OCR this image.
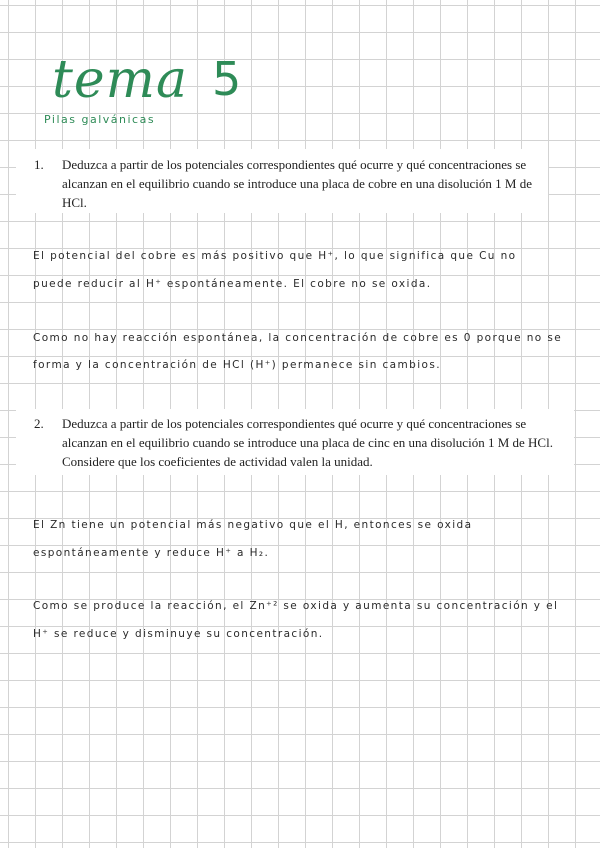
tema 5
Pilas galvánicas
1. Deduzca a partir de los potenciales correspondientes qué ocurre y qué concentraciones se alcanzan en el equilibrio cuando se introduce una placa de cobre en una disolución 1 M de HCl.
El potencial del cobre es más positivo que H⁺, lo que significa que Cu no
puede reducir al H⁺ espontáneamente. El cobre no se oxida.
Como no hay reacción espontánea, la concentración de cobre es 0 porque no se
forma y la concentración de HCl (H⁺) permanece sin cambios.
2. Deduzca a partir de los potenciales correspondientes qué ocurre y qué concentraciones se alcanzan en el equilibrio cuando se introduce una placa de cinc en una disolución 1 M de HCl. Considere que los coeficientes de actividad valen la unidad.
El Zn tiene un potencial más negativo que el H, entonces se oxida
espontáneamente y reduce H⁺ a H₂.
Como se produce la reacción, el Zn⁺² se oxida y aumenta su concentración y el
H⁺ se reduce y disminuye su concentración.
